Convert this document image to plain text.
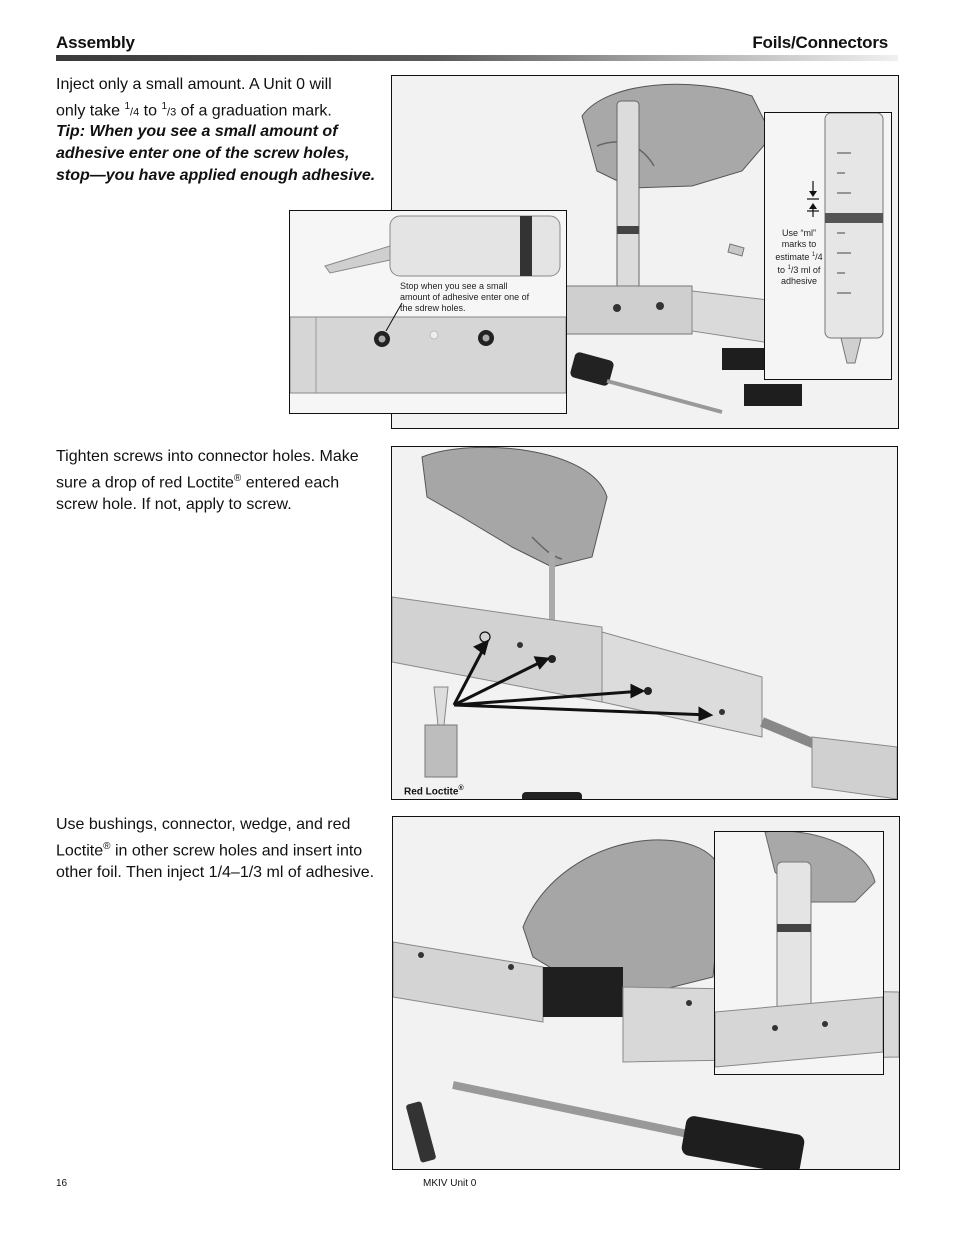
Assembly	Foils/Connectors
Inject only a small amount. A Unit 0 will
only take $^1$/4 to $^1$/3 of a graduation mark.
Tip: When you see a small amount of adhesive enter one of the screw holes, stop—you have applied enough adhesive.
Stop when you see a small amount of adhesive enter one of the sdrew holes.
Use “ml” marks to estimate $^1$/4 to $^1$/3 ml of adhesive
Tighten screws into connector holes. Make sure a drop of red Loctite® entered each screw hole. If not, apply to screw.
Red Loctite®
Use bushings, connector, wedge, and red Loctite® in other screw holes and insert into other foil. Then inject 1/4–1/3 ml of adhesive.
16	MKIV Unit 0
